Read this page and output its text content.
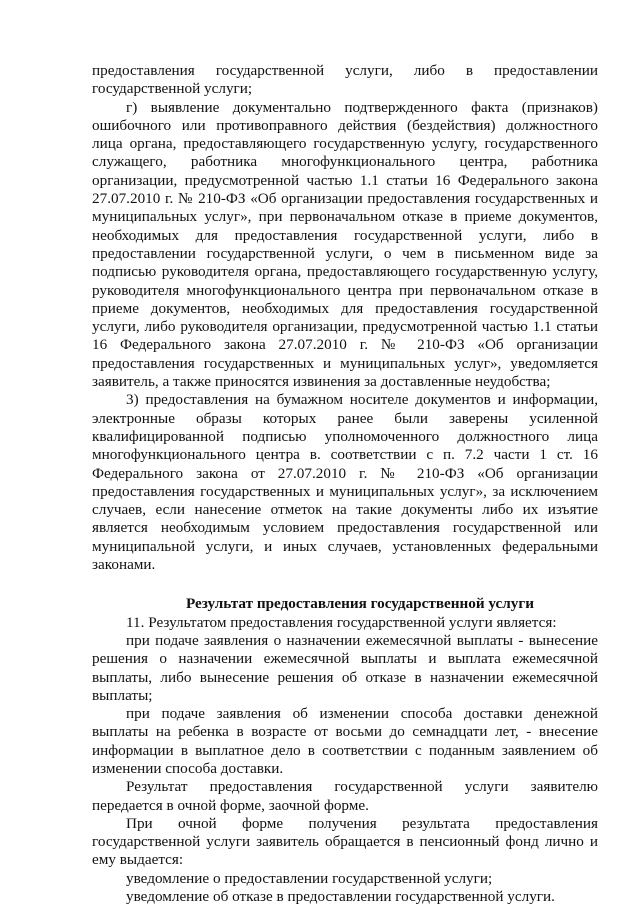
предоставления государственной услуги, либо в предоставлении государственной услуги;

г) выявление документально подтвержденного факта (признаков) ошибочного или противоправного действия (бездействия) должностного лица органа, предоставляющего государственную услугу, государственного служащего, работника многофункционального центра, работника организации, предусмотренной частью 1.1 статьи 16 Федерального закона 27.07.2010 г. № 210-ФЗ «Об организации предоставления государственных и муниципальных услуг», при первоначальном отказе в приеме документов, необходимых для предоставления государственной услуги, либо в предоставлении государственной услуги, о чем в письменном виде за подписью руководителя органа, предоставляющего государственную услугу, руководителя многофункционального центра при первоначальном отказе в приеме документов, необходимых для предоставления государственной услуги, либо руководителя организации, предусмотренной частью 1.1 статьи 16 Федерального закона 27.07.2010 г. № 210-ФЗ «Об организации предоставления государственных и муниципальных услуг», уведомляется заявитель, а также приносятся извинения за доставленные неудобства;

3) предоставления на бумажном носителе документов и информации, электронные образы которых ранее были заверены усиленной квалифицированной подписью уполномоченного должностного лица многофункционального центра в. соответствии с п. 7.2 части 1 ст. 16 Федерального закона от 27.07.2010 г. № 210-ФЗ «Об организации предоставления государственных и муниципальных услуг», за исключением случаев, если нанесение отметок на такие документы либо их изъятие является необходимым условием предоставления государственной или муниципальной услуги, и иных случаев, установленных федеральными законами.

Результат предоставления государственной услуги

11. Результатом предоставления государственной услуги является:

при подаче заявления о назначении ежемесячной выплаты - вынесение решения о назначении ежемесячной выплаты и выплата ежемесячной выплаты, либо вынесение решения об отказе в назначении ежемесячной выплаты;

при подаче заявления об изменении способа доставки денежной выплаты на ребенка в возрасте от восьми до семнадцати лет, - внесение информации в выплатное дело в соответствии с поданным заявлением об изменении способа доставки.

Результат предоставления государственной услуги заявителю передается в очной форме, заочной форме.

При очной форме получения результата предоставления государственной услуги заявитель обращается в пенсионный фонд лично и ему выдается:

уведомление о предоставлении государственной услуги;

уведомление об отказе в предоставлении государственной услуги.
